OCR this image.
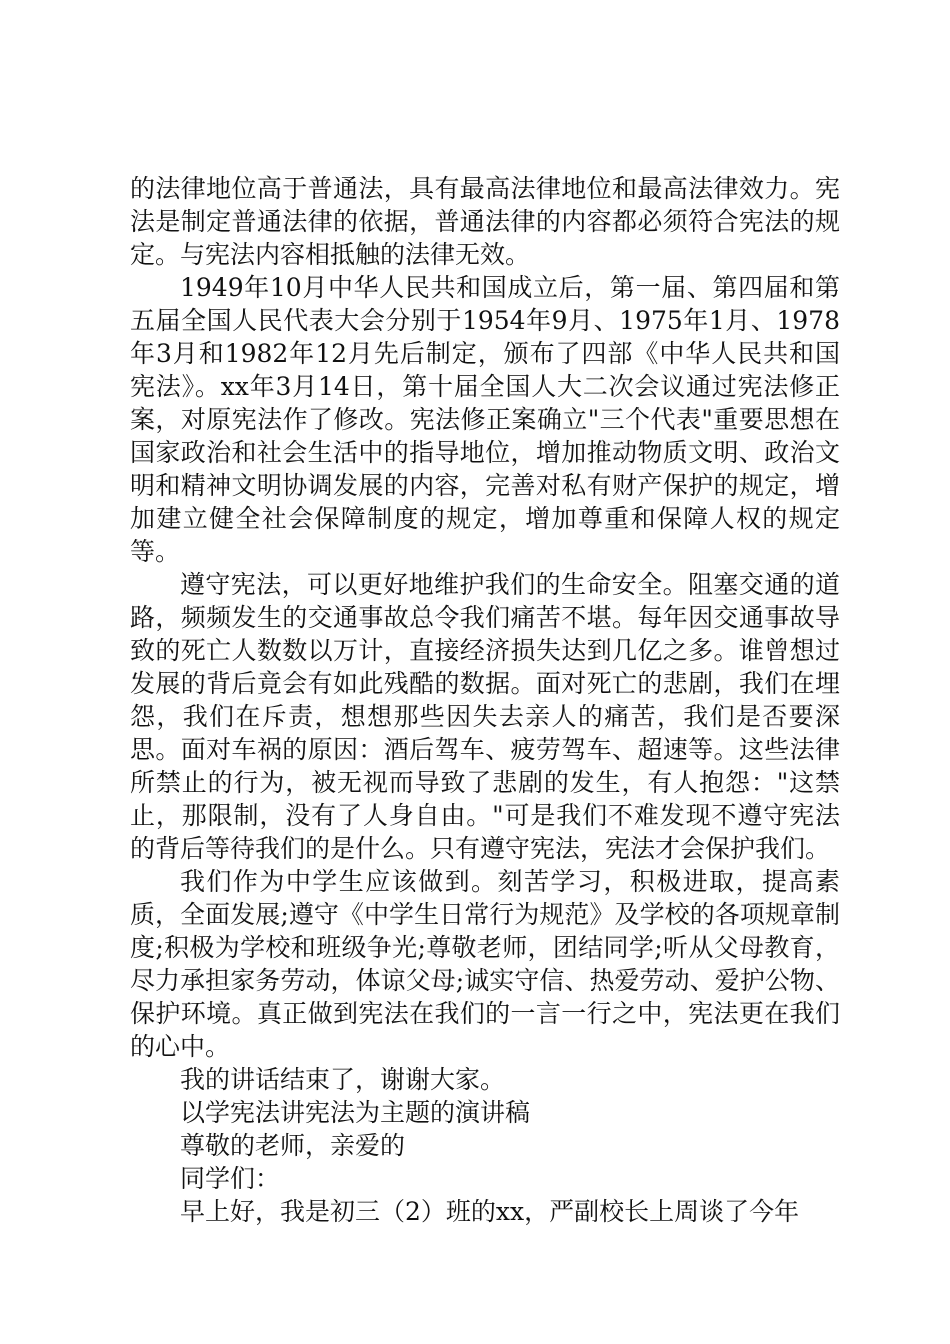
的法律地位高于普通法，具有最高法律地位和最高法律效力。宪法是制定普通法律的依据，普通法律的内容都必须符合宪法的规定。与宪法内容相抵触的法律无效。

1949年10月中华人民共和国成立后，第一届、第四届和第五届全国人民代表大会分别于1954年9月、1975年1月、1978年3月和1982年12月先后制定，颁布了四部《中华人民共和国宪法》。xx年3月14日，第十届全国人大二次会议通过宪法修正案，对原宪法作了修改。宪法修正案确立"三个代表"重要思想在国家政治和社会生活中的指导地位，增加推动物质文明、政治文明和精神文明协调发展的内容，完善对私有财产保护的规定，增加建立健全社会保障制度的规定，增加尊重和保障人权的规定等。

遵守宪法，可以更好地维护我们的生命安全。阻塞交通的道路，频频发生的交通事故总令我们痛苦不堪。每年因交通事故导致的死亡人数数以万计，直接经济损失达到几亿之多。谁曾想过发展的背后竟会有如此残酷的数据。面对死亡的悲剧，我们在埋怨，我们在斥责，想想那些因失去亲人的痛苦，我们是否要深思。面对车祸的原因：酒后驾车、疲劳驾车、超速等。这些法律所禁止的行为，被无视而导致了悲剧的发生，有人抱怨："这禁止，那限制，没有了人身自由。"可是我们不难发现不遵守宪法的背后等待我们的是什么。只有遵守宪法，宪法才会保护我们。

我们作为中学生应该做到。刻苦学习，积极进取，提高素质，全面发展;遵守《中学生日常行为规范》及学校的各项规章制度;积极为学校和班级争光;尊敬老师，团结同学;听从父母教育，尽力承担家务劳动，体谅父母;诚实守信、热爱劳动、爱护公物、保护环境。真正做到宪法在我们的一言一行之中，宪法更在我们的心中。

我的讲话结束了，谢谢大家。

以学宪法讲宪法为主题的演讲稿

尊敬的老师，亲爱的

同学们：

早上好，我是初三（2）班的xx，严副校长上周谈了今年
